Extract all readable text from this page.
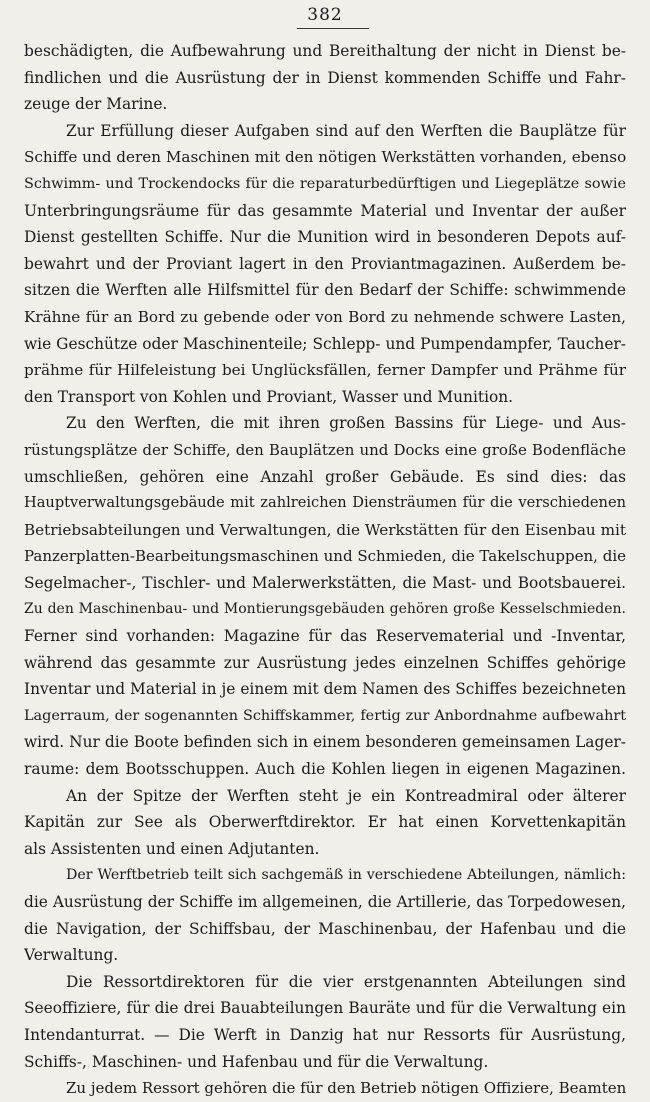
382
beschädigten, die Aufbewahrung und Bereithaltung der nicht in Dienst be-
findlichen und die Ausrüstung der in Dienst kommenden Schiffe und Fahr-
zeuge der Marine.
Zur Erfüllung dieser Aufgaben sind auf den Werften die Bauplätze für
Schiffe und deren Maschinen mit den nötigen Werkstätten vorhanden, ebenso
Schwimm- und Trockendocks für die reparaturbedürftigen und Liegeplätze sowie
Unterbringungsräume für das gesammte Material und Inventar der außer
Dienst gestellten Schiffe. Nur die Munition wird in besonderen Depots auf-
bewahrt und der Proviant lagert in den Proviantmagazinen. Außerdem be-
sitzen die Werften alle Hilfsmittel für den Bedarf der Schiffe: schwimmende
Krähne für an Bord zu gebende oder von Bord zu nehmende schwere Lasten,
wie Geschütze oder Maschinenteile; Schlepp- und Pumpendampfer, Taucher-
prähme für Hilfeleistung bei Unglücksfällen, ferner Dampfer und Prähme für
den Transport von Kohlen und Proviant, Wasser und Munition.
Zu den Werften, die mit ihren großen Bassins für Liege- und Aus-
rüstungsplätze der Schiffe, den Bauplätzen und Docks eine große Bodenfläche
umschließen, gehören eine Anzahl großer Gebäude. Es sind dies: das
Hauptverwaltungsgebäude mit zahlreichen Diensträumen für die verschiedenen
Betriebsabteilungen und Verwaltungen, die Werkstätten für den Eisenbau mit
Panzerplatten-Bearbeitungsmaschinen und Schmieden, die Takelschuppen, die
Segelmacher-, Tischler- und Malerwerkstätten, die Mast- und Bootsbauerei.
Zu den Maschinenbau- und Montierungsgebäuden gehören große Kesselschmieden.
Ferner sind vorhanden: Magazine für das Reservematerial und -Inventar,
während das gesammte zur Ausrüstung jedes einzelnen Schiffes gehörige
Inventar und Material in je einem mit dem Namen des Schiffes bezeichneten
Lagerraum, der sogenannten Schiffskammer, fertig zur Anbordnahme aufbewahrt
wird. Nur die Boote befinden sich in einem besonderen gemeinsamen Lager-
raume: dem Bootsschuppen. Auch die Kohlen liegen in eigenen Magazinen.
An der Spitze der Werften steht je ein Kontreadmiral oder älterer
Kapitän zur See als Oberwerftdirektor. Er hat einen Korvettenkapitän
als Assistenten und einen Adjutanten.
Der Werftbetrieb teilt sich sachgemäß in verschiedene Abteilungen, nämlich:
die Ausrüstung der Schiffe im allgemeinen, die Artillerie, das Torpedowesen,
die Navigation, der Schiffsbau, der Maschinenbau, der Hafenbau und die
Verwaltung.
Die Ressortdirektoren für die vier erstgenannten Abteilungen sind
Seeoffiziere, für die drei Bauabteilungen Bauräte und für die Verwaltung ein
Intendanturrat. — Die Werft in Danzig hat nur Ressorts für Ausrüstung,
Schiffs-, Maschinen- und Hafenbau und für die Verwaltung.
Zu jedem Ressort gehören die für den Betrieb nötigen Offiziere, Beamten
